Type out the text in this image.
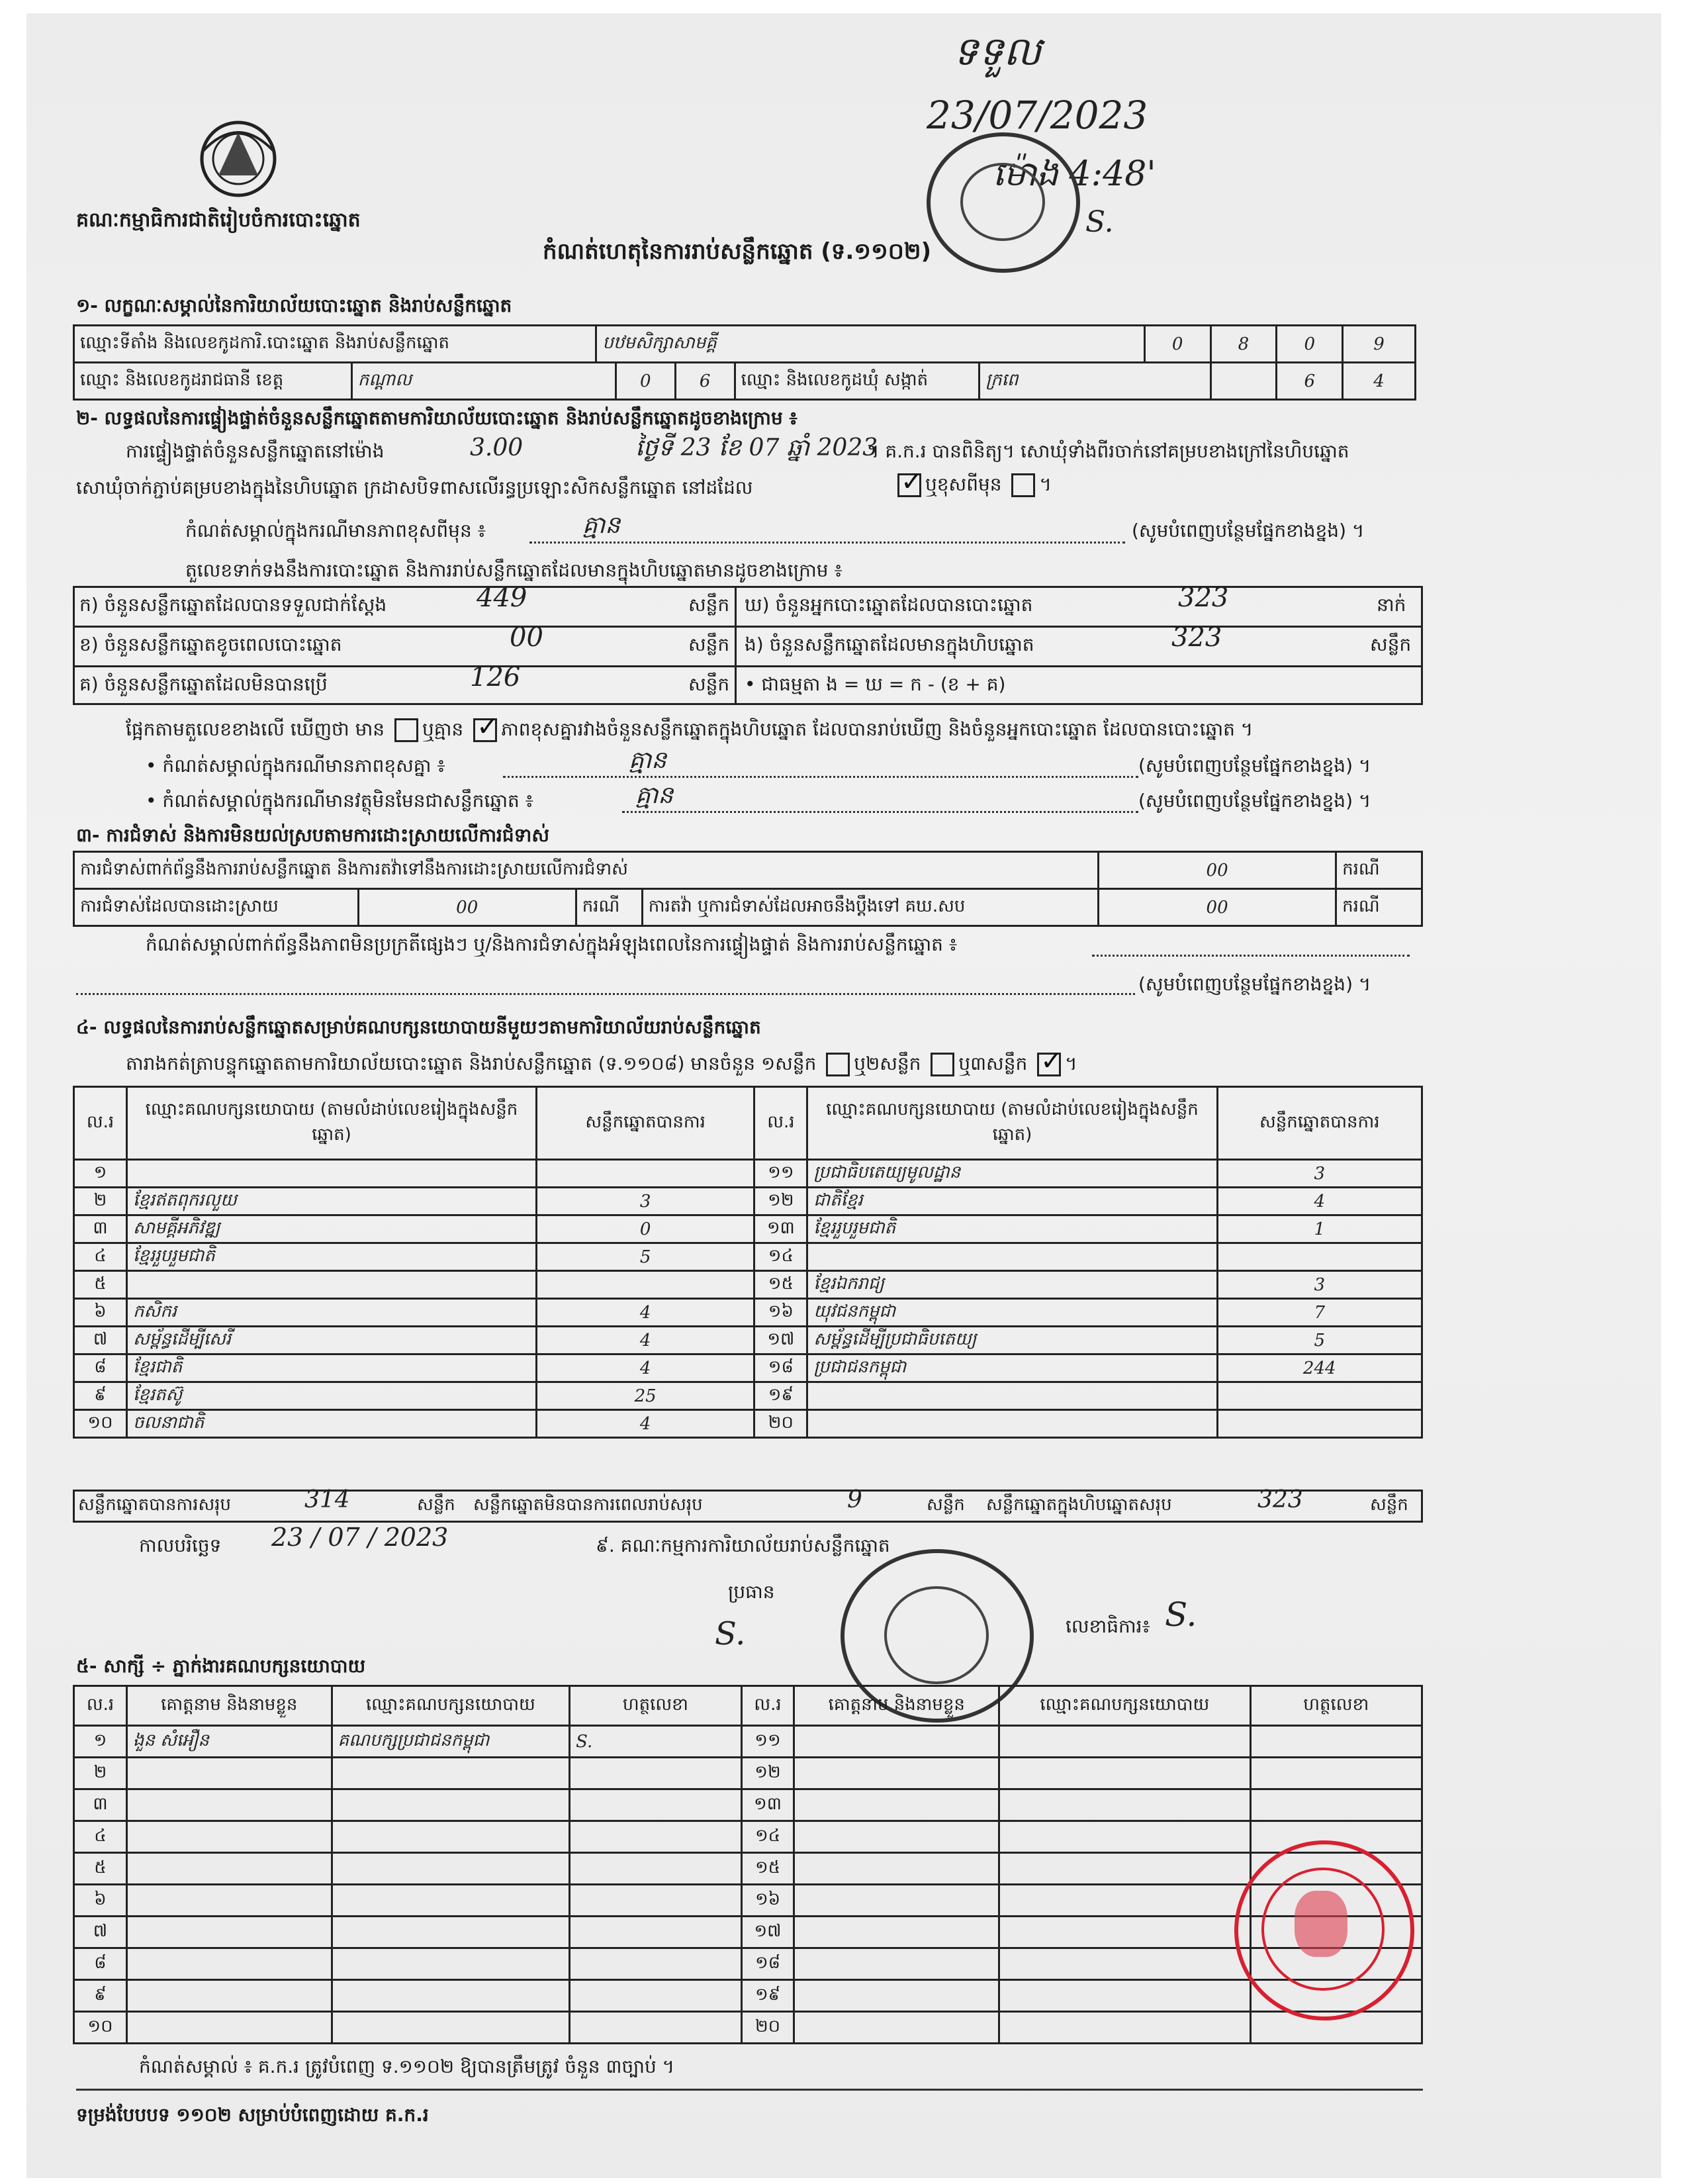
ទទួល
23/07/2023
ម៉ោង 4:48'
S.
គណៈកម្មាធិការជាតិរៀបចំការបោះឆ្នោត
កំណត់ហេតុនៃការរាប់សន្លឹកឆ្នោត (ទ.១១០២)
១- លក្ខណៈសម្គាល់នៃការិយាល័យបោះឆ្នោត និងរាប់សន្លឹកឆ្នោត
ឈ្មោះទីតាំង និងលេខកូដការិ.បោះឆ្នោត និងរាប់សន្លឹកឆ្នោត	បឋមសិក្សាសាមគ្គី	0	8	0	9
ឈ្មោះ និងលេខកូដរាជធានី ខេត្ត	កណ្ដាល	0	6	ឈ្មោះ និងលេខកូដឃុំ សង្កាត់	ក្រពេ		6	4
២- លទ្ធផលនៃការផ្ទៀងផ្ទាត់ចំនួនសន្លឹកឆ្នោតតាមការិយាល័យបោះឆ្នោត និងរាប់សន្លឹកឆ្នោតដូចខាងក្រោម ៖
ការផ្ទៀងផ្ទាត់ចំនួនសន្លឹកឆ្នោតនៅម៉ោង	3.00	ថ្ងៃទី 23 ខែ 07 ឆ្នាំ 2023
។ គ.ក.រ បានពិនិត្យ។ សោឃុំទាំងពីរចាក់នៅគម្របខាងក្រៅនៃហិបឆ្នោត
សោឃុំចាក់ភ្ជាប់គម្របខាងក្នុងនៃហិបឆ្នោត ក្រដាសបិទពាសលើរន្ធប្រឡោះសិកសន្លឹកឆ្នោត នៅដដែល ✓	ឬខុសពីមុន ។
កំណត់សម្គាល់ក្នុងករណីមានភាពខុសពីមុន ៖	គ្មាន	(សូមបំពេញបន្ថែមផ្នែកខាងខ្នង) ។
តួលេខទាក់ទងនឹងការបោះឆ្នោត និងការរាប់សន្លឹកឆ្នោតដែលមានក្នុងហិបឆ្នោតមានដូចខាងក្រោម ៖
ក) ចំនួនសន្លឹកឆ្នោតដែលបានទទួលជាក់ស្ដែង	449	សន្លឹក ឃ) ចំនួនអ្នកបោះឆ្នោតដែលបានបោះឆ្នោត	323	នាក់
ខ) ចំនួនសន្លឹកឆ្នោតខូចពេលបោះឆ្នោត	00	សន្លឹក ង) ចំនួនសន្លឹកឆ្នោតដែលមានក្នុងហិបឆ្នោត	323	សន្លឹក
គ) ចំនួនសន្លឹកឆ្នោតដែលមិនបានប្រើ	126	សន្លឹក • ជាធម្មតា ង = ឃ = ក - (ខ + គ)
ផ្អែកតាមតួលេខខាងលើ ឃើញថា មាន ឬគ្មាន ✓ ភាពខុសគ្នារវាងចំនួនសន្លឹកឆ្នោតក្នុងហិបឆ្នោត ដែលបានរាប់ឃើញ និងចំនួនអ្នកបោះឆ្នោត ដែលបានបោះឆ្នោត ។
• កំណត់សម្គាល់ក្នុងករណីមានភាពខុសគ្នា ៖	គ្មាន	(សូមបំពេញបន្ថែមផ្នែកខាងខ្នង) ។
• កំណត់សម្គាល់ក្នុងករណីមានវត្ថុមិនមែនជាសន្លឹកឆ្នោត ៖	គ្មាន	(សូមបំពេញបន្ថែមផ្នែកខាងខ្នង) ។
៣- ការជំទាស់ និងការមិនយល់ស្របតាមការដោះស្រាយលើការជំទាស់
ការជំទាស់ពាក់ព័ន្ធនឹងការរាប់សន្លឹកឆ្នោត និងការតវ៉ាទៅនឹងការដោះស្រាយលើការជំទាស់				00	ករណី
ការជំទាស់ដែលបានដោះស្រាយ	00	ករណី	ការតវ៉ា ឬការជំទាស់ដែលអាចនឹងប្ដឹងទៅ គឃ.សប	00	ករណី
កំណត់សម្គាល់ពាក់ព័ន្ធនឹងភាពមិនប្រក្រតីផ្សេងៗ ឬ/និងការជំទាស់ក្នុងអំឡុងពេលនៃការផ្ទៀងផ្ទាត់ និងការរាប់សន្លឹកឆ្នោត ៖
(សូមបំពេញបន្ថែមផ្នែកខាងខ្នង) ។
៤- លទ្ធផលនៃការរាប់សន្លឹកឆ្នោតសម្រាប់គណបក្សនយោបាយនីមួយៗតាមការិយាល័យរាប់សន្លឹកឆ្នោត
តារាងកត់ត្រាបន្ទុកឆ្នោតតាមការិយាល័យបោះឆ្នោត និងរាប់សន្លឹកឆ្នោត (ទ.១១០៨) មានចំនួន ១សន្លឹក ឬ២សន្លឹក ឬ៣សន្លឹក ✓ ។
ល.រ	ឈ្មោះគណបក្សនយោបាយ (តាមលំដាប់លេខរៀងក្នុងសន្លឹកឆ្នោត)	សន្លឹកឆ្នោតបានការ	ល.រ	ឈ្មោះគណបក្សនយោបាយ (តាមលំដាប់លេខរៀងក្នុងសន្លឹកឆ្នោត)	សន្លឹកឆ្នោតបានការ
១			១១	ប្រជាធិបតេយ្យមូលដ្ឋាន	3
២	ខ្មែរឥតពុករលួយ	3	១២	ជាតិខ្មែរ	4
៣	សាមគ្គីអភិវឌ្ឍ	0	១៣	ខ្មែររួបរួមជាតិ	1
៤	ខ្មែររួបរួមជាតិ	5	១៤		
៥			១៥	ខ្មែរឯករាជ្យ	3
៦	កសិករ	4	១៦	យុវជនកម្ពុជា	7
៧	សម្ព័ន្ធដើម្បីសេរី	4	១៧	សម្ព័ន្ធដើម្បីប្រជាធិបតេយ្យ	5
៨	ខ្មែរជាតិ	4	១៨	ប្រជាជនកម្ពុជា	244
៩	ខ្មែរតស៊ូ	25	១៩		
១០	ចលនាជាតិ	4	២០		
សន្លឹកឆ្នោតបានការសរុប	314	សន្លឹក សន្លឹកឆ្នោតមិនបានការពេលរាប់សរុប	9	សន្លឹក សន្លឹកឆ្នោតក្នុងហិបឆ្នោតសរុប	323	សន្លឹក
កាលបរិច្ឆេទ 23 / 07 / 2023	៩. គណៈកម្មការការិយាល័យរាប់សន្លឹកឆ្នោត
ប្រធាន
S.	លេខាធិការ៖ S.
៥- សាក្សី ÷ ភ្នាក់ងារគណបក្សនយោបាយ
ល.រ	គោត្តនាម និងនាមខ្លួន	ឈ្មោះគណបក្សនយោបាយ	ហត្ថលេខា	ល.រ	គោត្តនាម និងនាមខ្លួន	ឈ្មោះគណបក្សនយោបាយ	ហត្ថលេខា
១	ងួន សំអឿន	គណបក្សប្រជាជនកម្ពុជា	S.	១១			
២				១២			
៣				១៣			
៤				១៤			
៥				១៥			
៦				១៦			
៧				១៧			
៨				១៨			
៩				១៩			
១០				២០			
កំណត់សម្គាល់ ៖ គ.ក.រ ត្រូវបំពេញ ទ.១១០២ ឱ្យបានត្រឹមត្រូវ ចំនួន ៣ច្បាប់ ។
ទម្រង់បែបបទ ១១០២ សម្រាប់បំពេញដោយ គ.ក.រ
